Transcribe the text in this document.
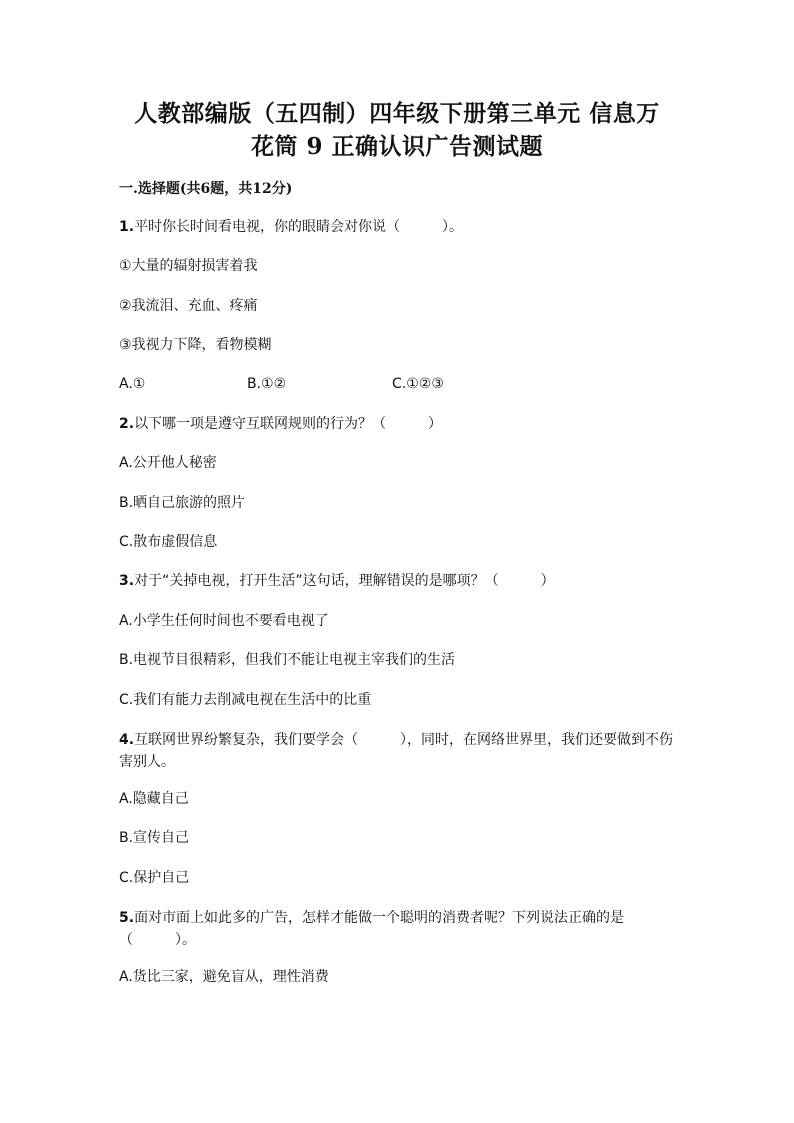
人教部编版（五四制）四年级下册第三单元 信息万
花筒 9 正确认识广告测试题

一.选择题(共6题，共12分)

1.平时你长时间看电视，你的眼睛会对你说（　　　）。

①大量的辐射损害着我

②我流泪、充血、疼痛

③我视力下降，看物模糊

A.①	B.①②	C.①②③

2.以下哪一项是遵守互联网规则的行为？（　　　）

A.公开他人秘密

B.晒自己旅游的照片

C.散布虚假信息

3.对于“关掉电视，打开生活”这句话，理解错误的是哪项？（　　　）

A.小学生任何时间也不要看电视了

B.电视节目很精彩，但我们不能让电视主宰我们的生活

C.我们有能力去削减电视在生活中的比重

4.互联网世界纷繁复杂，我们要学会（　　　），同时，在网络世界里，我们还要做到不伤害别人。

A.隐藏自己

B.宣传自己

C.保护自己

5.面对市面上如此多的广告，怎样才能做一个聪明的消费者呢？下列说法正确的是（　　　）。

A.货比三家，避免盲从，理性消费
